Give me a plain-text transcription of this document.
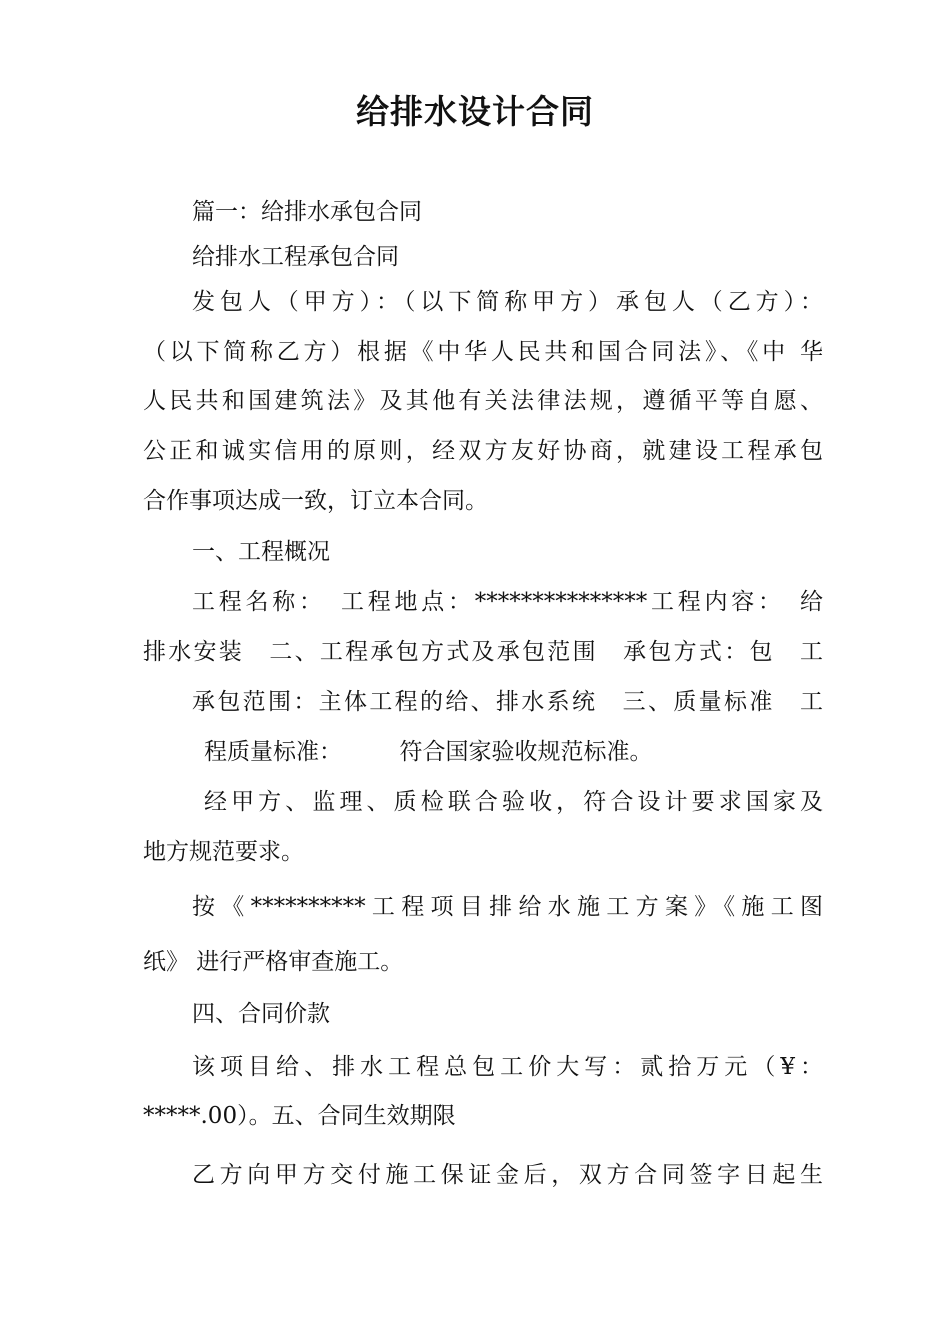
给排水设计合同

篇一：给排水承包合同

给排水工程承包合同

发包人（甲方）：（以下简称甲方）承包人（乙方）：

（以下简称乙方）根据《中华人民共和国合同法》、《中 华

人民共和国建筑法》及其他有关法律法规，遵循平等自愿、

公正和诚实信用的原则，经双方友好协商，就建设工程承包

合作事项达成一致，订立本合同。

一、工程概况

工程名称：　工程地点：***************工程内容：　给

排水安装　二、工程承包方式及承包范围　承包方式：包　工

承包范围：主体工程的给、排水系统　三、质量标准　工

程质量标准：　　　符合国家验收规范标准。

经甲方、监理、质检联合验收，符合设计要求国家及

地方规范要求。

按《**********工程项目排给水施工方案》《施工图

纸》 进行严格审查施工。

四、合同价款

该项目给、排水工程总包工价大写：贰拾万元（¥：

*****.00）。五、合同生效期限

乙方向甲方交付施工保证金后，双方合同签字日起生
